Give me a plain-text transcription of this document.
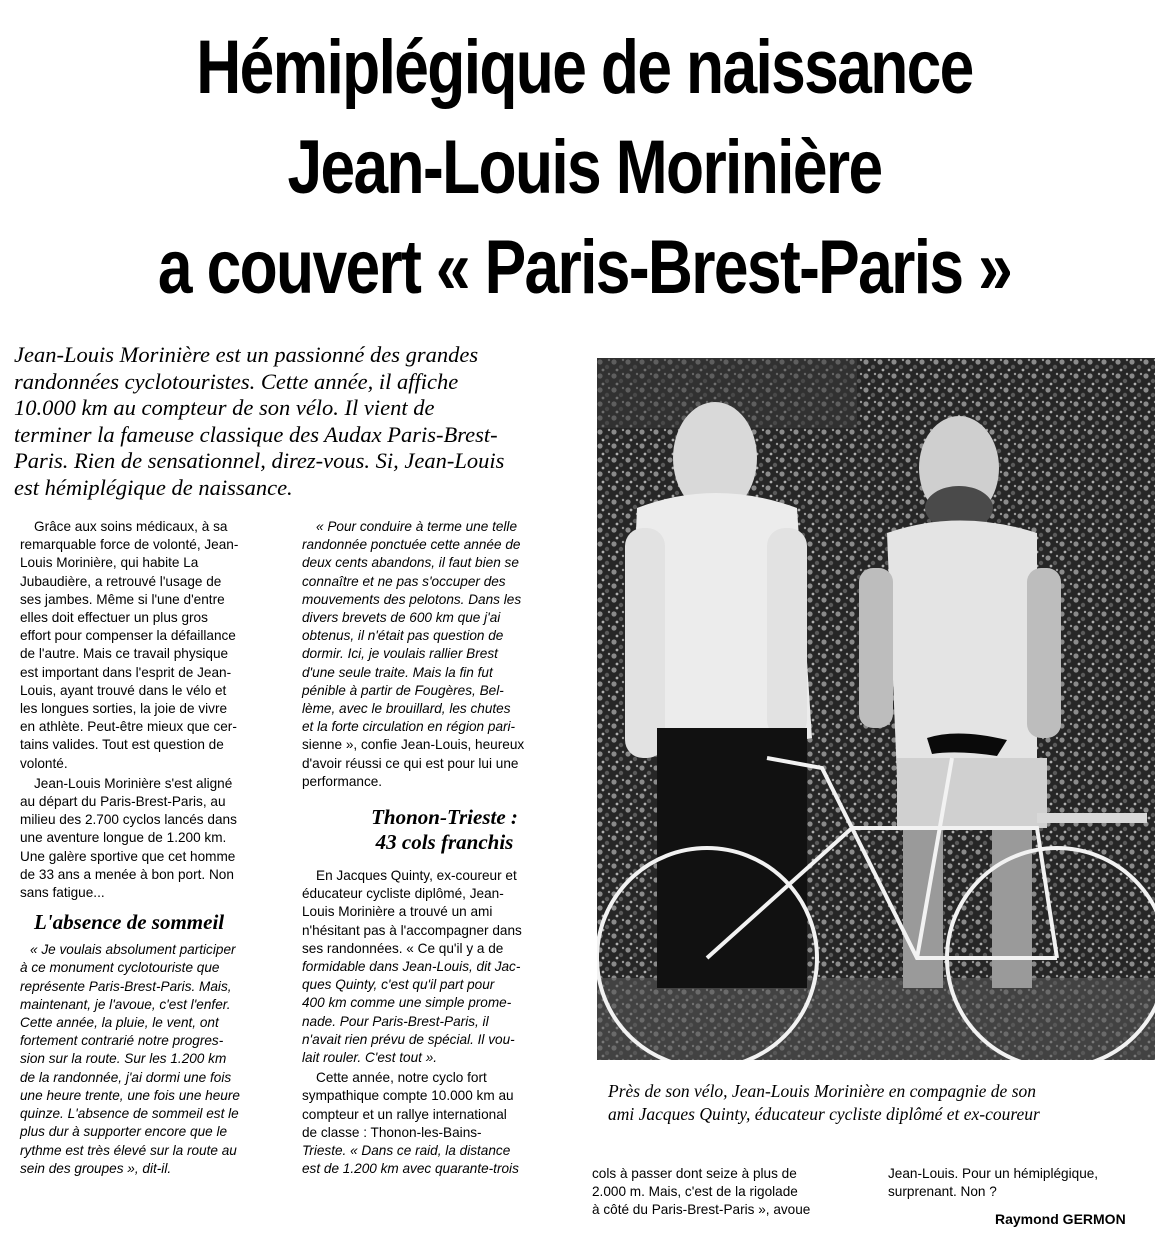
Hémiplégique de naissance
Jean-Louis Morinière
a couvert « Paris-Brest-Paris »
Jean-Louis Morinière est un passionné des grandes
randonnées cyclotouristes. Cette année, il affiche
10.000 km au compteur de son vélo. Il vient de
terminer la fameuse classique des Audax Paris-Brest-
Paris. Rien de sensationnel, direz-vous. Si, Jean-Louis
est hémiplégique de naissance.
Grâce aux soins médicaux, à sa
remarquable force de volonté, Jean-
Louis Morinière, qui habite La
Jubaudière, a retrouvé l'usage de
ses jambes. Même si l'une d'entre
elles doit effectuer un plus gros
effort pour compenser la défaillance
de l'autre. Mais ce travail physique
est important dans l'esprit de Jean-
Louis, ayant trouvé dans le vélo et
les longues sorties, la joie de vivre
en athlète. Peut-être mieux que cer-
tains valides. Tout est question de
volonté.
Jean-Louis Morinière s'est aligné
au départ du Paris-Brest-Paris, au
milieu des 2.700 cyclos lancés dans
une aventure longue de 1.200 km.
Une galère sportive que cet homme
de 33 ans a menée à bon port. Non
sans fatigue...
L'absence de sommeil
« Je voulais absolument participer
à ce monument cyclotouriste que
représente Paris-Brest-Paris. Mais,
maintenant, je l'avoue, c'est l'enfer.
Cette année, la pluie, le vent, ont
fortement contrarié notre progres-
sion sur la route. Sur les 1.200 km
de la randonnée, j'ai dormi une fois
une heure trente, une fois une heure
quinze. L'absence de sommeil est le
plus dur à supporter encore que le
rythme est très élevé sur la route au
sein des groupes », dit-il.
« Pour conduire à terme une telle
randonnée ponctuée cette année de
deux cents abandons, il faut bien se
connaître et ne pas s'occuper des
mouvements des pelotons. Dans les
divers brevets de 600 km que j'ai
obtenus, il n'était pas question de
dormir. Ici, je voulais rallier Brest
d'une seule traite. Mais la fin fut
pénible à partir de Fougères, Bel-
lème, avec le brouillard, les chutes
et la forte circulation en région pari-
sienne », confie Jean-Louis, heureux
d'avoir réussi ce qui est pour lui une
performance.
Thonon-Trieste :
43 cols franchis
En Jacques Quinty, ex-coureur et
éducateur cycliste diplômé, Jean-
Louis Morinière a trouvé un ami
n'hésitant pas à l'accompagner dans
ses randonnées. « Ce qu'il y a de
formidable dans Jean-Louis, dit Jac-
ques Quinty, c'est qu'il part pour
400 km comme une simple prome-
nade. Pour Paris-Brest-Paris, il
n'avait rien prévu de spécial. Il vou-
lait rouler. C'est tout ».
Cette année, notre cyclo fort
sympathique compte 10.000 km au
compteur et un rallye international
de classe : Thonon-les-Bains-
Trieste. « Dans ce raid, la distance
est de 1.200 km avec quarante-trois	cols à passer dont seize à plus de
2.000 m. Mais, c'est de la rigolade
à côté du Paris-Brest-Paris », avoue
Jean-Louis. Pour un hémiplégique,
surprenant. Non ?
Près de son vélo, Jean-Louis Morinière en compagnie de son
ami Jacques Quinty, éducateur cycliste diplômé et ex-coureur
Raymond GERMON
